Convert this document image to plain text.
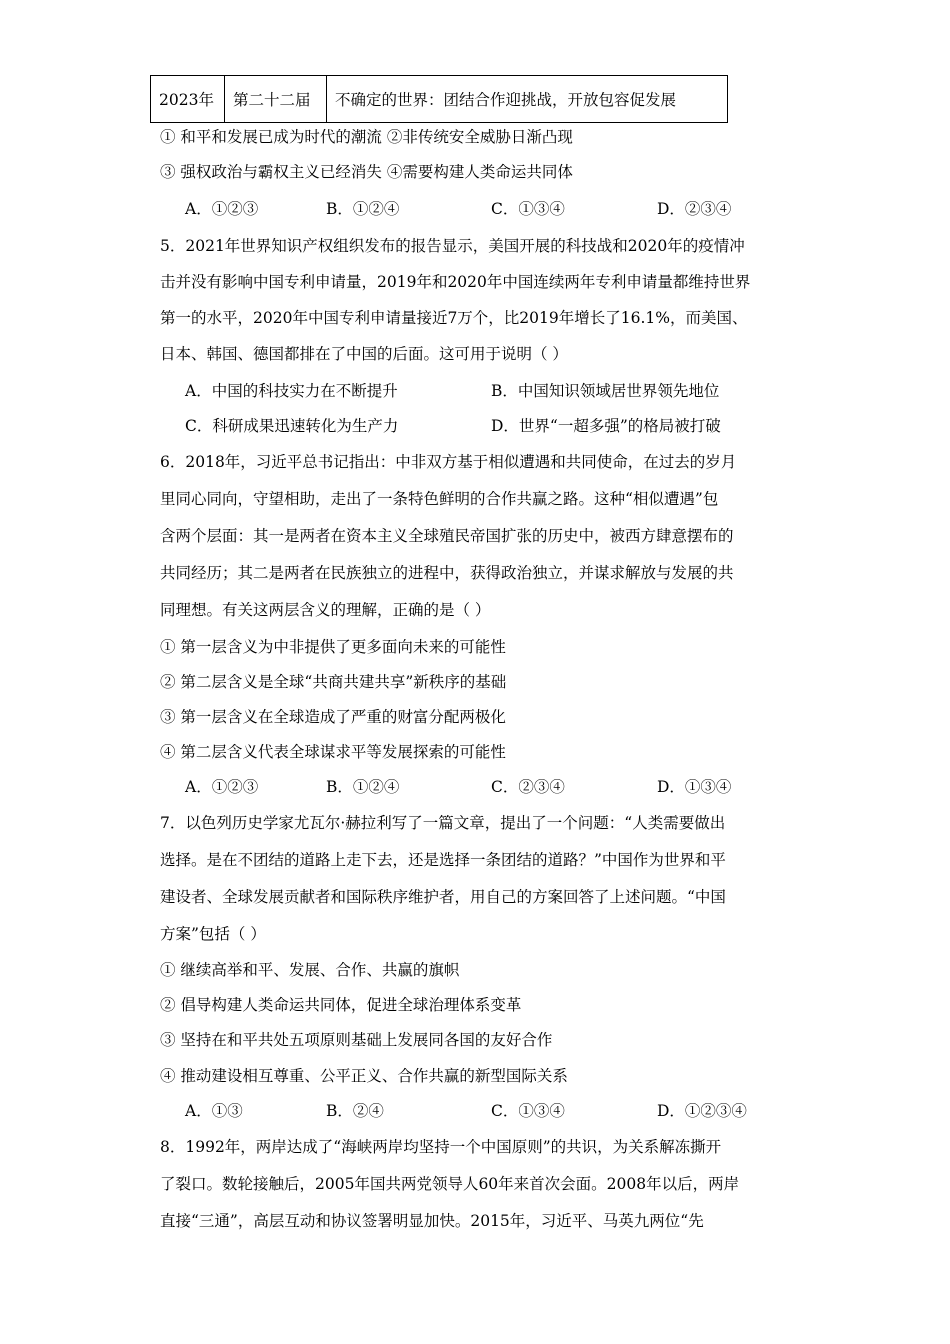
2023年	第二十二届	不确定的世界：团结合作迎挑战，开放包容促发展
① 和平和发展已成为时代的潮流 ②非传统安全威胁日渐凸现
③ 强权政治与霸权主义已经消失 ④需要构建人类命运共同体
A．①②③	B．①②④	C．①③④	D．②③④
5．2021年世界知识产权组织发布的报告显示，美国开展的科技战和2020年的疫情冲
击并没有影响中国专利申请量，2019年和2020年中国连续两年专利申请量都维持世界
第一的水平，2020年中国专利申请量接近7万个，比2019年增长了16.1%，而美国、
日本、韩国、德国都排在了中国的后面。这可用于说明（ ）
A．中国的科技实力在不断提升	B．中国知识领域居世界领先地位
C．科研成果迅速转化为生产力	D．世界“一超多强”的格局被打破
6．2018年，习近平总书记指出：中非双方基于相似遭遇和共同使命，在过去的岁月
里同心同向，守望相助，走出了一条特色鲜明的合作共赢之路。这种“相似遭遇”包
含两个层面：其一是两者在资本主义全球殖民帝国扩张的历史中，被西方肆意摆布的
共同经历；其二是两者在民族独立的进程中，获得政治独立，并谋求解放与发展的共
同理想。有关这两层含义的理解，正确的是（ ）
① 第一层含义为中非提供了更多面向未来的可能性
② 第二层含义是全球“共商共建共享”新秩序的基础
③ 第一层含义在全球造成了严重的财富分配两极化
④ 第二层含义代表全球谋求平等发展探索的可能性
A．①②③	B．①②④	C．②③④	D．①③④
7．以色列历史学家尤瓦尔·赫拉利写了一篇文章，提出了一个问题：“人类需要做出
选择。是在不团结的道路上走下去，还是选择一条团结的道路？”中国作为世界和平
建设者、全球发展贡献者和国际秩序维护者，用自己的方案回答了上述问题。“中国
方案”包括（ ）
① 继续高举和平、发展、合作、共赢的旗帜
② 倡导构建人类命运共同体，促进全球治理体系变革
③ 坚持在和平共处五项原则基础上发展同各国的友好合作
④ 推动建设相互尊重、公平正义、合作共赢的新型国际关系
A．①③	B．②④	C．①③④	D．①②③④
8．1992年，两岸达成了“海峡两岸均坚持一个中国原则”的共识，为关系解冻撕开
了裂口。数轮接触后，2005年国共两党领导人60年来首次会面。2008年以后，两岸
直接“三通”，高层互动和协议签署明显加快。2015年，习近平、马英九两位“先
